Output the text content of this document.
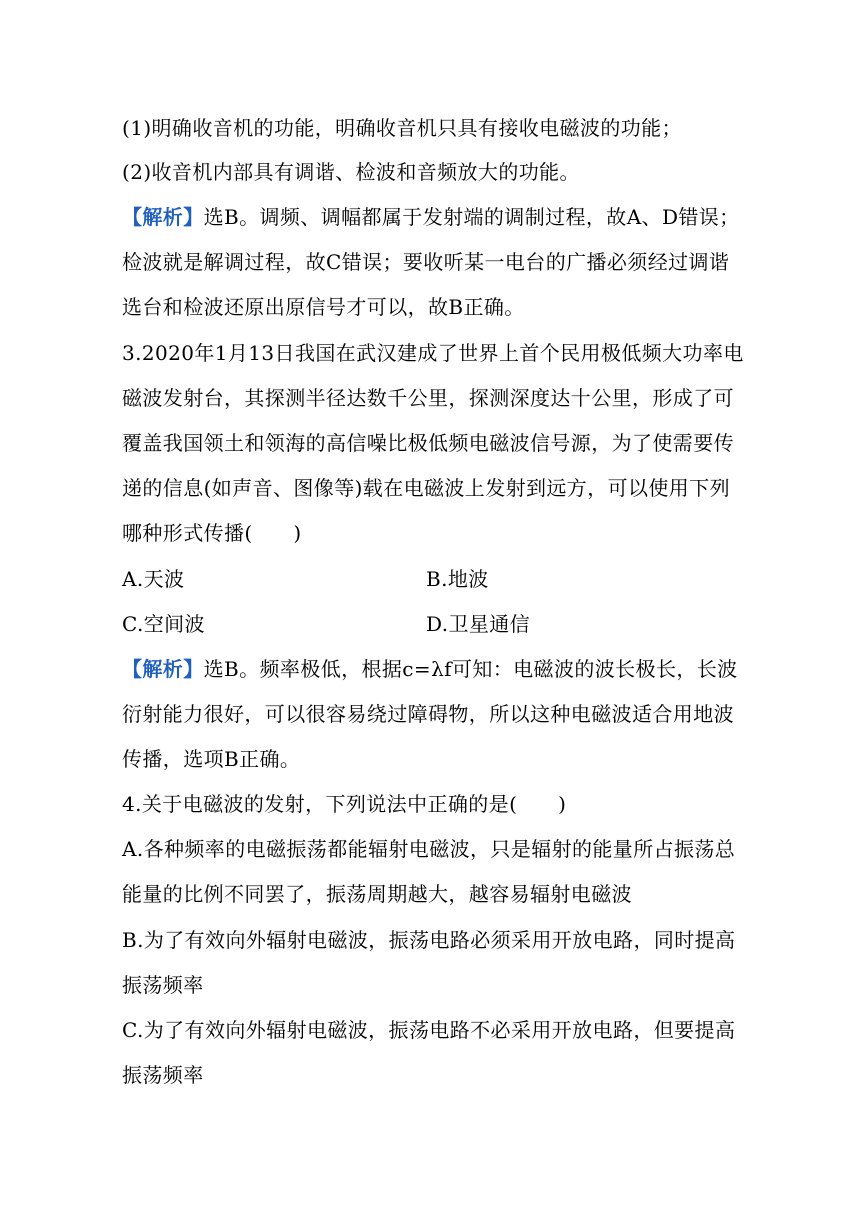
(1)明确收音机的功能，明确收音机只具有接收电磁波的功能；
(2)收音机内部具有调谐、检波和音频放大的功能。
【解析】选B。调频、调幅都属于发射端的调制过程，故A、D错误；
检波就是解调过程，故C错误；要收听某一电台的广播必须经过调谐
选台和检波还原出原信号才可以，故B正确。
3.2020年1月13日我国在武汉建成了世界上首个民用极低频大功率电
磁波发射台，其探测半径达数千公里，探测深度达十公里，形成了可
覆盖我国领土和领海的高信噪比极低频电磁波信号源，为了使需要传
递的信息(如声音、图像等)载在电磁波上发射到远方，可以使用下列
哪种形式传播(　　)
A.天波	B.地波
C.空间波	D.卫星通信
【解析】选B。频率极低，根据c=λf可知：电磁波的波长极长，长波
衍射能力很好，可以很容易绕过障碍物，所以这种电磁波适合用地波
传播，选项B正确。
4.关于电磁波的发射，下列说法中正确的是(　　)
A.各种频率的电磁振荡都能辐射电磁波，只是辐射的能量所占振荡总
能量的比例不同罢了，振荡周期越大，越容易辐射电磁波
B.为了有效向外辐射电磁波，振荡电路必须采用开放电路，同时提高
振荡频率
C.为了有效向外辐射电磁波，振荡电路不必采用开放电路，但要提高
振荡频率
